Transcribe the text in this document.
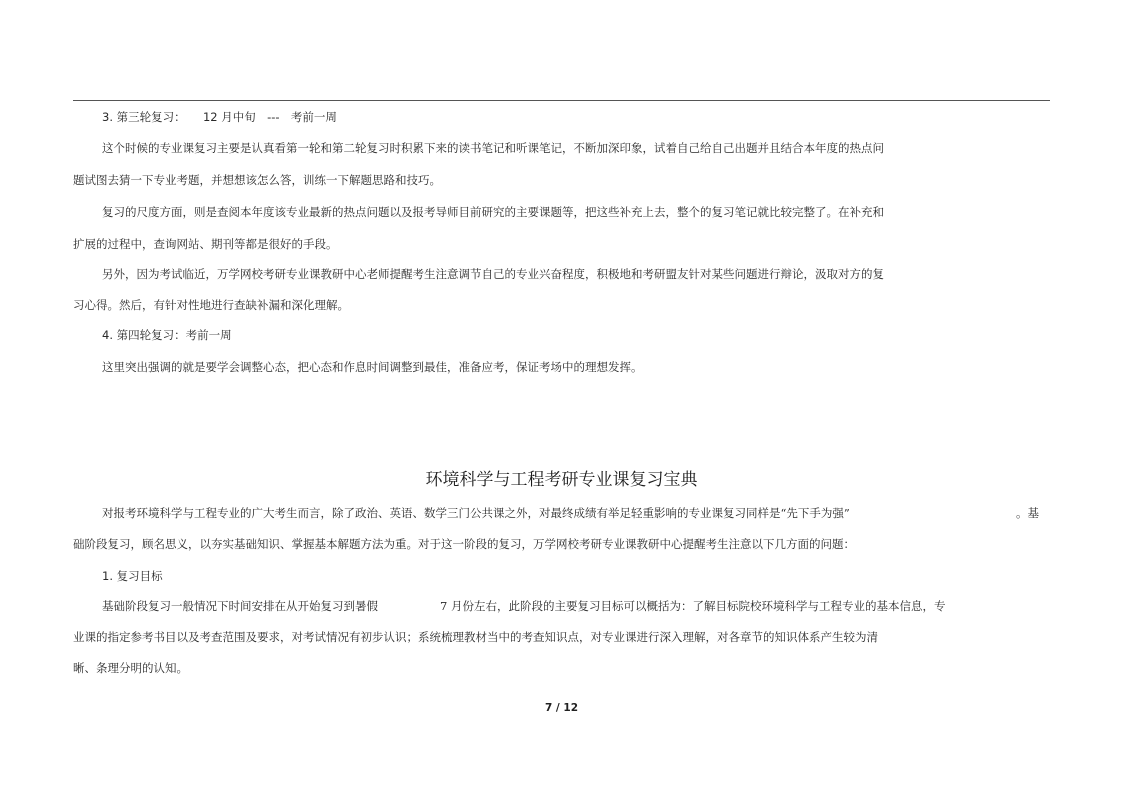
3. 第三轮复习： 12 月中旬 --- 考前一周
这个时候的专业课复习主要是认真看第一轮和第二轮复习时积累下来的读书笔记和听课笔记，不断加深印象，试着自己给自己出题并且结合本年度的热点问
题试图去猜一下专业考题，并想想该怎么答，训练一下解题思路和技巧。
复习的尺度方面，则是查阅本年度该专业最新的热点问题以及报考导师目前研究的主要课题等，把这些补充上去，整个的复习笔记就比较完整了。在补充和
扩展的过程中，查询网站、期刊等都是很好的手段。
另外，因为考试临近，万学网校考研专业课教研中心老师提醒考生注意调节自己的专业兴奋程度，积极地和考研盟友针对某些问题进行辩论，汲取对方的复
习心得。然后，有针对性地进行查缺补漏和深化理解。
4. 第四轮复习：考前一周
这里突出强调的就是要学会调整心态，把心态和作息时间调整到最佳，准备应考，保证考场中的理想发挥。
环境科学与工程考研专业课复习宝典
对报考环境科学与工程专业的广大考生而言，除了政治、英语、数学三门公共课之外，对最终成绩有举足轻重影响的专业课复习同样是“先下手为强”	。基
础阶段复习，顾名思义，以夯实基础知识、掌握基本解题方法为重。对于这一阶段的复习，万学网校考研专业课教研中心提醒考生注意以下几方面的问题：
1. 复习目标
基础阶段复习一般情况下时间安排在从开始复习到暑假	7 月份左右，此阶段的主要复习目标可以概括为：了解目标院校环境科学与工程专业的基本信息，专
业课的指定参考书目以及考查范围及要求，对考试情况有初步认识；系统梳理教材当中的考查知识点，对专业课进行深入理解，对各章节的知识体系产生较为清
晰、条理分明的认知。
7 / 12
